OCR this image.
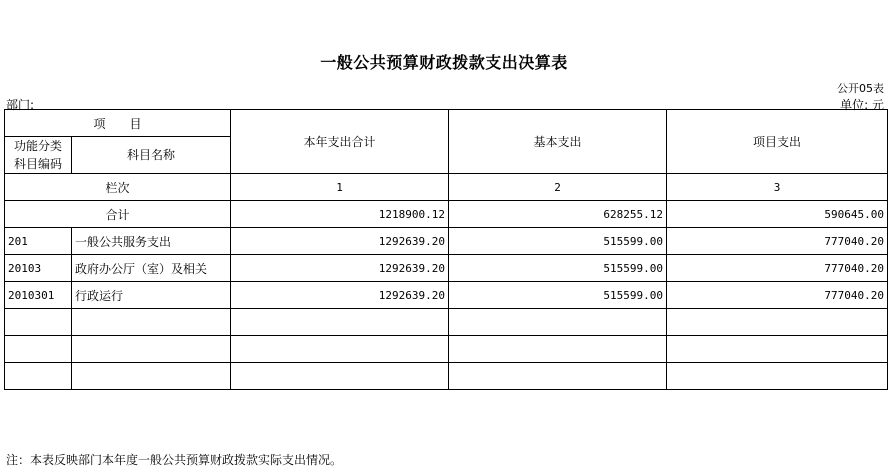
一般公共预算财政拨款支出决算表
公开05表
部门:	单位: 元
项　　目		本年支出合计	基本支出	项目支出
功能分类
科目编码	科目名称			
栏次		1	2	3
合计		1218900.12	628255.12	590645.00
201	一般公共服务支出	1292639.20	515599.00	777040.20
20103	政府办公厅（室）及相关	1292639.20	515599.00	777040.20
2010301	行政运行	1292639.20	515599.00	777040.20

注：本表反映部门本年度一般公共预算财政拨款实际支出情况。
